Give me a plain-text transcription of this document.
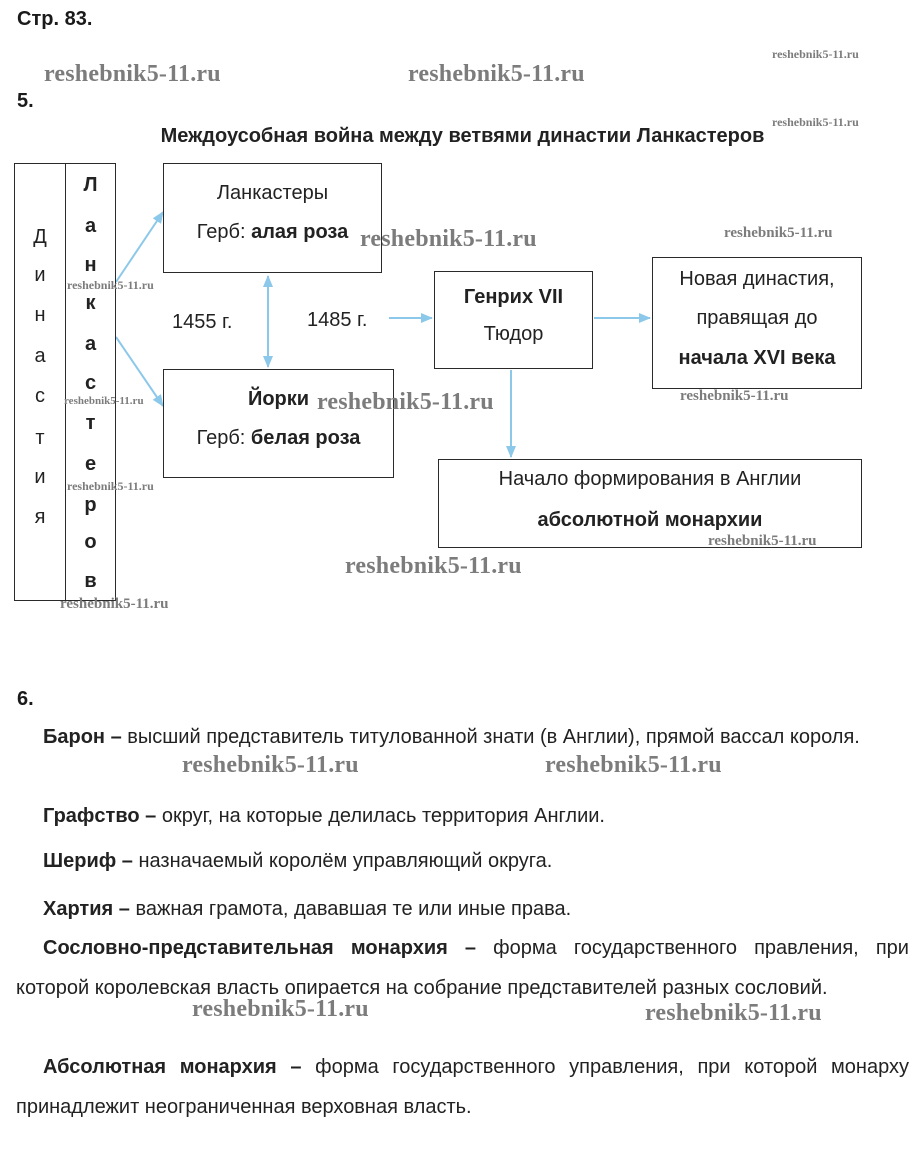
Стр. 83.
reshebnik5-11.ru
reshebnik5-11.ru	reshebnik5-11.ru
reshebnik5-11.ru
5.
Междоусобная война между ветвями династии Ланкастеров
Д
и
н
а
с
т
и
я
Л
а
н
к
а
с
т
е
р
о
в
Ланкастеры
Герб: алая роза
Йорки
Герб: белая роза
1455 г.	1485 г.
Генрих VII
Тюдор
Новая династия,
правящая до
начала XVI века
Начало формирования в Англии
абсолютной монархии
reshebnik5-11.ru	reshebnik5-11.ru
reshebnik5-11.ru
reshebnik5-11.ru
reshebnik5-11.ru	reshebnik5-11.ru
reshebnik5-11.ru
reshebnik5-11.ru
reshebnik5-11.ru
reshebnik5-11.ru
6.
Барон – высший представитель титулованной знати (в Англии), прямой вассал короля.
Графство – округ, на которые делилась территория Англии.
Шериф – назначаемый королём управляющий округа.
Хартия – важная грамота, дававшая те или иные права.
Сословно-представительная монархия – форма государственного правления, при которой королевская власть опирается на собрание представителей разных сословий.
Абсолютная монархия – форма государственного управления, при которой монарху принадлежит неограниченная верховная власть.
reshebnik5-11.ru	reshebnik5-11.ru
reshebnik5-11.ru	reshebnik5-11.ru
